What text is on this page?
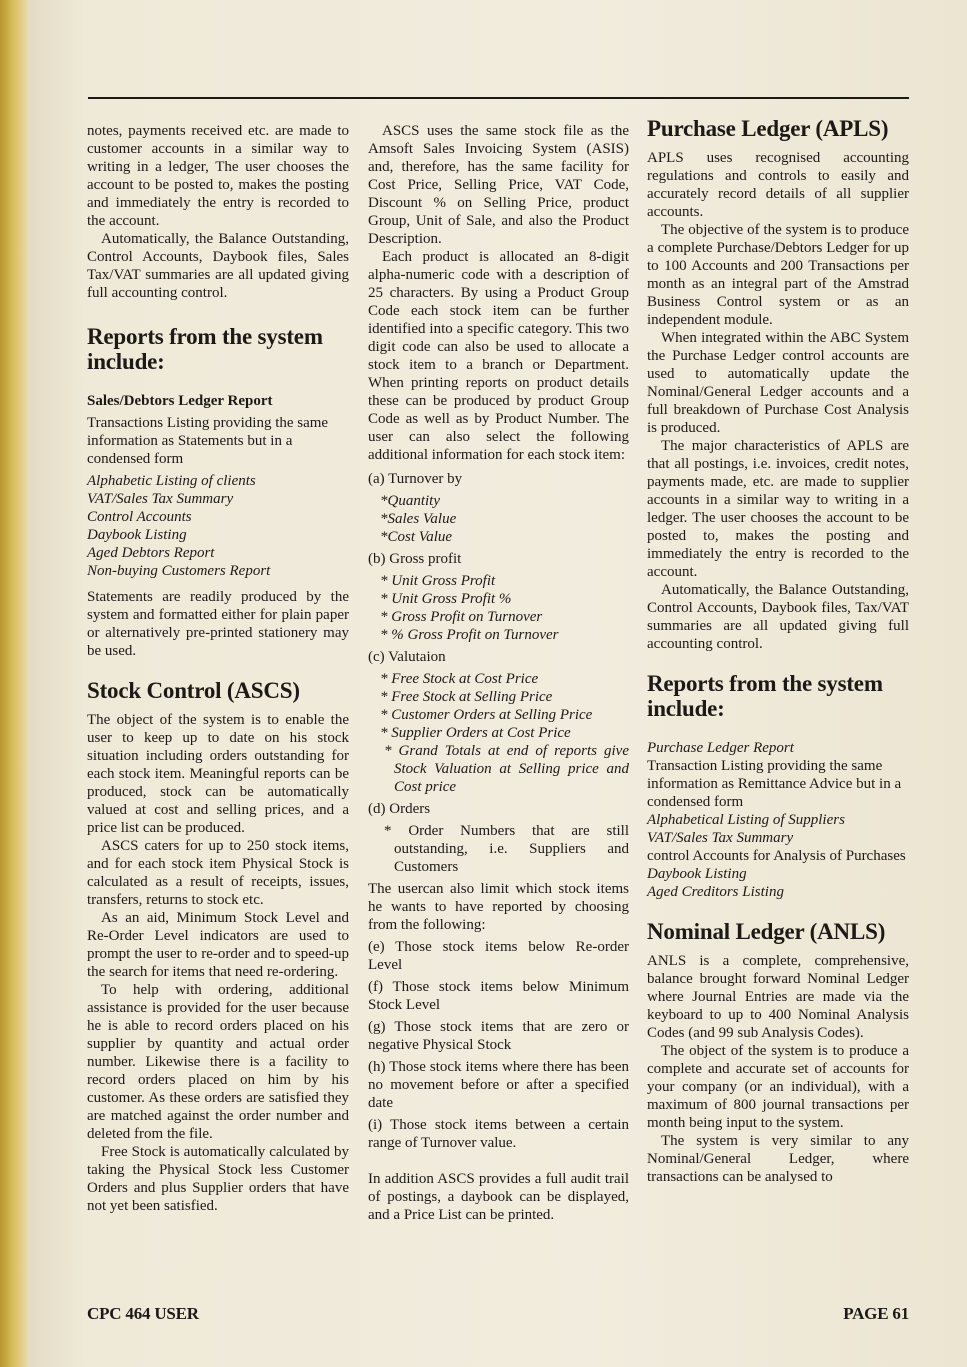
notes, payments received etc. are made to customer accounts in a similar way to writing in a ledger, The user chooses the account to be posted to, makes the posting and immediately the entry is recorded to the account.

Automatically, the Balance Outstanding, Control Accounts, Daybook files, Sales Tax/VAT summaries are all updated giving full accounting control.

Reports from the system include:
Sales/Debtors Ledger Report

Transactions Listing providing the same information as Statements but in a condensed form

Alphabetic Listing of clients
VAT/Sales Tax Summary
Control Accounts
Daybook Listing
Aged Debtors Report
Non-buying Customers Report

Statements are readily produced by the system and formatted either for plain paper or alternatively pre-printed stationery may be used.

Stock Control (ASCS)

The object of the system is to enable the user to keep up to date on his stock situation including orders outstanding for each stock item. Meaningful reports can be produced, stock can be automatically valued at cost and selling prices, and a price list can be produced.

ASCS caters for up to 250 stock items, and for each stock item Physical Stock is calculated as a result of receipts, issues, transfers, returns to stock etc.

As an aid, Minimum Stock Level and Re-Order Level indicators are used to prompt the user to re-order and to speed-up the search for items that need re-ordering.

To help with ordering, additional assistance is provided for the user because he is able to record orders placed on his supplier by quantity and actual order number. Likewise there is a facility to record orders placed on him by his customer. As these orders are satisfied they are matched against the order number and deleted from the file.

Free Stock is automatically calculated by taking the Physical Stock less Customer Orders and plus Supplier orders that have not yet been satisfied.

ASCS uses the same stock file as the Amsoft Sales Invoicing System (ASIS) and, therefore, has the same facility for Cost Price, Selling Price, VAT Code, Discount % on Selling Price, product Group, Unit of Sale, and also the Product Description.

Each product is allocated an 8-digit alpha-numeric code with a description of 25 characters. By using a Product Group Code each stock item can be further identified into a specific category. This two digit code can also be used to allocate a stock item to a branch or Department. When printing reports on product details these can be produced by product Group Code as well as by Product Number. The user can also select the following additional information for each stock item:

(a) Turnover by
*Quantity
*Sales Value
*Cost Value
(b) Gross profit
* Unit Gross Profit
* Unit Gross Profit %
* Gross Profit on Turnover
* % Gross Profit on Turnover
(c) Valutaion
* Free Stock at Cost Price
* Free Stock at Selling Price
* Customer Orders at Selling Price
* Supplier Orders at Cost Price
* Grand Totals at end of reports give Stock Valuation at Selling price and Cost price
(d) Orders
* Order Numbers that are still outstanding, i.e. Suppliers and Customers

The usercan also limit which stock items he wants to have reported by choosing from the following:

(e) Those stock items below Re-order Level

(f) Those stock items below Minimum Stock Level

(g) Those stock items that are zero or negative Physical Stock

(h) Those stock items where there has been no movement before or after a specified date

(i) Those stock items between a certain range of Turnover value.

In addition ASCS provides a full audit trail of postings, a daybook can be displayed, and a Price List can be printed.

Purchase Ledger (APLS)

APLS uses recognised accounting regulations and controls to easily and accurately record details of all supplier accounts.

The objective of the system is to produce a complete Purchase/Debtors Ledger for up to 100 Accounts and 200 Transactions per month as an integral part of the Amstrad Business Control system or as an independent module.

When integrated within the ABC System the Purchase Ledger control accounts are used to automatically update the Nominal/General Ledger accounts and a full breakdown of Purchase Cost Analysis is produced.

The major characteristics of APLS are that all postings, i.e. invoices, credit notes, payments made, etc. are made to supplier accounts in a similar way to writing in a ledger. The user chooses the account to be posted to, makes the posting and immediately the entry is recorded to the account.

Automatically, the Balance Outstanding, Control Accounts, Daybook files, Tax/VAT summaries are all updated giving full accounting control.

Reports from the system include:
Purchase Ledger Report

Transaction Listing providing the same information as Remittance Advice but in a condensed form

Alphabetical Listing of Suppliers
VAT/Sales Tax Summary

control Accounts for Analysis of Purchases

Daybook Listing
Aged Creditors Listing
Nominal Ledger (ANLS)

ANLS is a complete, comprehensive, balance brought forward Nominal Ledger where Journal Entries are made via the keyboard to up to 400 Nominal Analysis Codes (and 99 sub Analysis Codes).

The object of the system is to produce a complete and accurate set of accounts for your company (or an individual), with a maximum of 800 journal transactions per month being input to the system.

The system is very similar to any Nominal/General Ledger, where transactions can be analysed to

CPC 464 USER	PAGE 61
